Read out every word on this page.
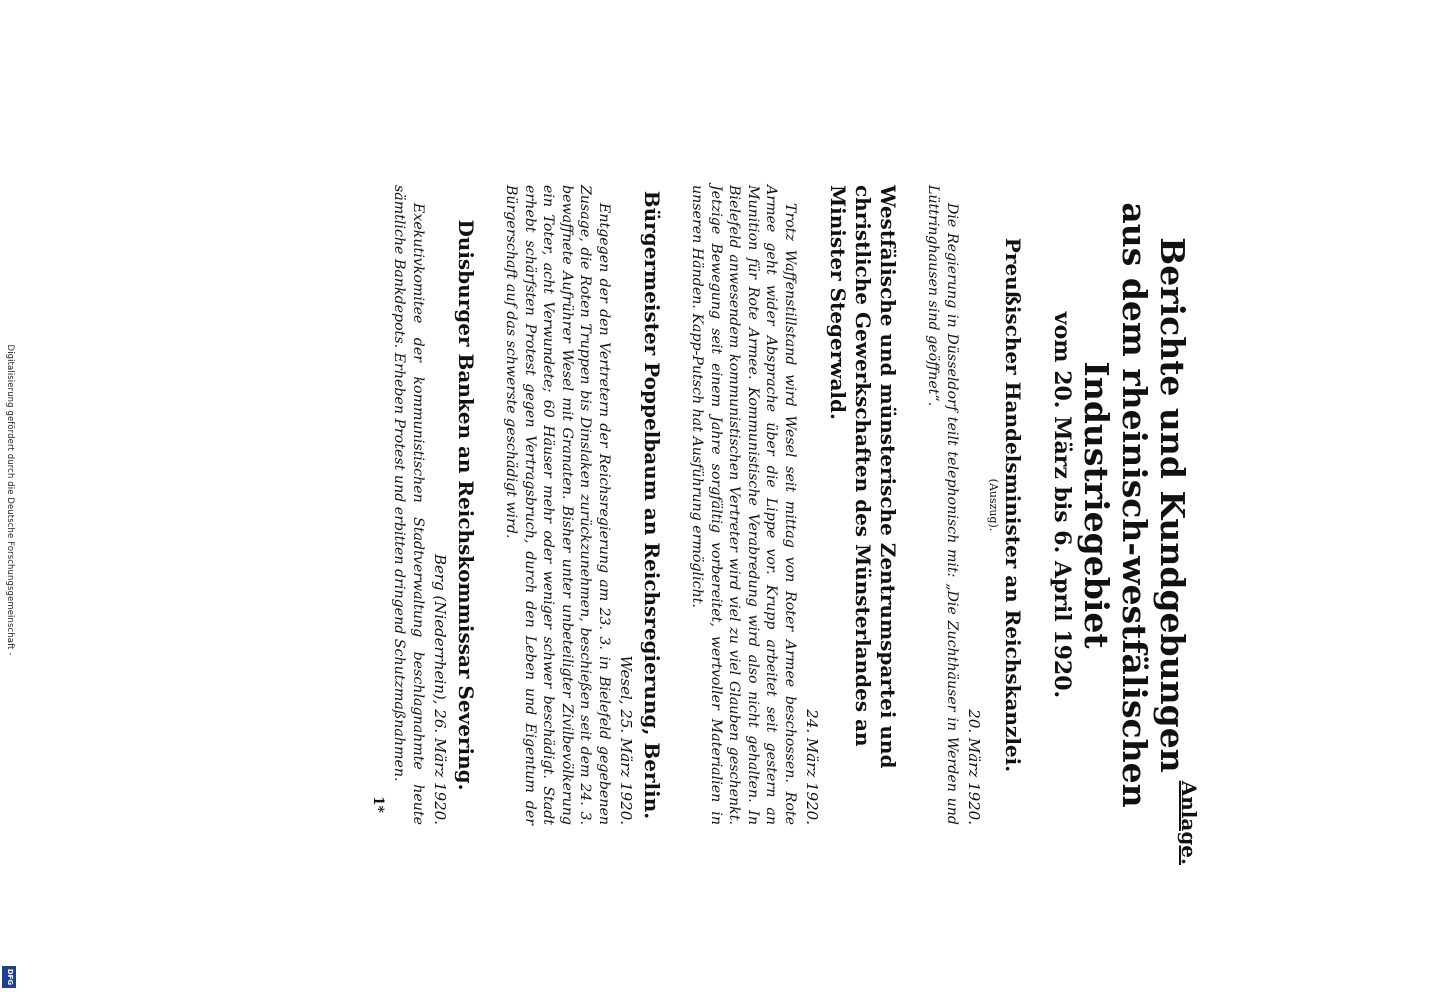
Digitalisierung gefördert durch die Deutsche Forschungsgemeinschaft -
DFG
Anlage.
Berichte und Kundgebungen
aus dem rheinisch-westfälischen Industriegebiet
vom 20. März bis 6. April 1920.
Preußischer Handelsminister an Reichskanzlei.
(Auszug).
20. März 1920.

Die Regierung in Düsseldorf teilt telephonisch mit: „Die Zuchthäuser in Werden und Lüttringhausen sind geöffnet“.

Westfälische und münsterische Zentrumspartei und christliche Gewerkschaften des Münsterlandes an Minister Stegerwald.
24. März 1920.

Trotz Waffenstillstand wird Wesel seit mittag von Roter Armee beschossen. Rote Armee geht wider Absprache über die Lippe vor. Krupp arbeitet seit gestern an Munition für Rote Armee. Kommunistische Verabredung wird also nicht gehalten. In Bielefeld anwesendem kommunistischen Vertreter wird viel zu viel Glauben geschenkt. Jetzige Bewegung seit einem Jahre sorgfältig vorbereitet, wertvoller Materialien in unseren Händen. Kapp-Putsch hat Ausführung ermöglicht.

Bürgermeister Poppelbaum an Reichsregierung, Berlin.
Wesel, 25. März 1920.

Entgegen der den Vertretern der Reichsregierung am 23. 3. in Bielefeld gegebenen Zusage, die Roten Truppen bis Dinslaken zurückzunehmen, beschießen seit dem 24. 3. bewaffnete Aufrührer Wesel mit Granaten. Bisher unter unbeteiligter Zivilbevölkerung ein Toter, acht Verwundete; 60 Häuser mehr oder weniger schwer beschädigt. Stadt erhebt schärfsten Protest gegen Vertragsbruch, durch den Leben und Eigentum der Bürgerschaft auf das schwerste geschädigt wird.

Duisburger Banken an Reichskommissar Severing.
Berg (Niederrhein), 26. März 1920.

Exekutivkomitee der kommunistischen Stadtverwaltung beschlagnahmte heute sämtliche Bankdepots. Erheben Protest und erbitten dringend Schutzmaßnahmen.

1*
